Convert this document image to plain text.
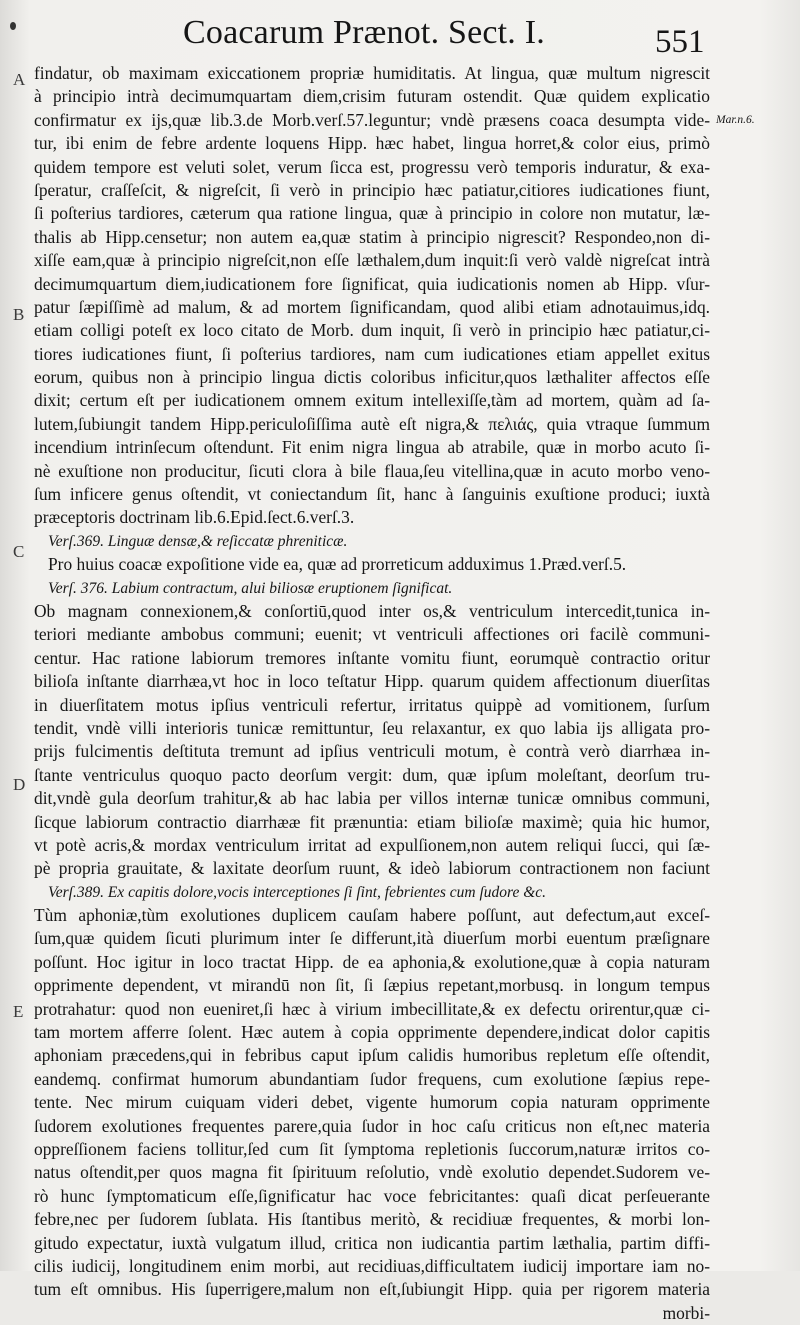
Coacarum Prænot. Sect. I.	551
A
B
C
D
E
Mar.n.6.
findatur, ob maximam exiccationem propriæ humiditatis. At lingua, quæ multum nigrescit
à principio intrà decimumquartam diem,crisim futuram ostendit. Quæ quidem explicatio
confirmatur ex ijs,quæ lib.3.de Morb.verſ.57.leguntur; vndè præsens coaca desumpta vide-
tur, ibi enim de febre ardente loquens Hipp. hæc habet, lingua horret,& color eius, primò
quidem tempore est veluti solet, verum ſicca est, progressu verò temporis induratur, & exa-
ſperatur, craſſeſcit, & nigreſcit, ſi verò in principio hæc patiatur,citiores iudicationes fiunt,
ſi poſterius tardiores, cæterum qua ratione lingua, quæ à principio in colore non mutatur, læ-
thalis ab Hipp.censetur; non autem ea,quæ statim à principio nigrescit? Respondeo,non di-
xiſſe eam,quæ à principio nigreſcit,non eſſe læthalem,dum inquit:ſi verò valdè nigreſcat intrà
decimumquartum diem,iudicationem fore ſignificat, quia iudicationis nomen ab Hipp. vſur-
patur ſæpiſſimè ad malum, & ad mortem ſignificandam, quod alibi etiam adnotauimus,idq.
etiam colligi poteſt ex loco citato de Morb. dum inquit, ſi verò in principio hæc patiatur,ci-
tiores iudicationes fiunt, ſi poſterius tardiores, nam cum iudicationes etiam appellet exitus
eorum, quibus non à principio lingua dictis coloribus inficitur,quos læthaliter affectos eſſe
dixit; certum eſt per iudicationem omnem exitum intellexiſſe,tàm ad mortem, quàm ad ſa-
lutem,ſubiungit tandem Hipp.periculoſiſſima autè eſt nigra,& πελιάς, quia vtraque ſummum
incendium intrinſecum oſtendunt. Fit enim nigra lingua ab atrabile, quæ in morbo acuto ſi-
nè exuſtione non producitur, ſicuti clora à bile flaua,ſeu vitellina,quæ in acuto morbo veno-
ſum inficere genus oſtendit, vt coniectandum ſit, hanc à ſanguinis exuſtione produci; iuxtà
præceptoris doctrinam lib.6.Epid.ſect.6.verſ.3.
Verſ.369. Linguæ densæ,& reſiccatæ phreniticæ.
Pro huius coacæ expoſitione vide ea, quæ ad prorreticum adduximus 1.Præd.verſ.5.
Verſ. 376. Labium contractum, alui biliosæ eruptionem ſignificat.
Ob magnam connexionem,& conſortiū,quod inter os,& ventriculum intercedit,tunica in-
teriori mediante ambobus communi; euenit; vt ventriculi affectiones ori facilè communi-
centur. Hac ratione labiorum tremores inſtante vomitu fiunt, eorumquè contractio oritur
bilioſa inſtante diarrhæa,vt hoc in loco teſtatur Hipp. quarum quidem affectionum diuerſitas
in diuerſitatem motus ipſius ventriculi refertur, irritatus quippè ad vomitionem, ſurſum
tendit, vndè villi interioris tunicæ remittuntur, ſeu relaxantur, ex quo labia ijs alligata pro-
prijs fulcimentis deſtituta tremunt ad ipſius ventriculi motum, è contrà verò diarrhæa in-
ſtante ventriculus quoquo pacto deorſum vergit: dum, quæ ipſum moleſtant, deorſum tru-
dit,vndè gula deorſum trahitur,& ab hac labia per villos internæ tunicæ omnibus communi,
ſicque labiorum contractio diarrhææ fit prænuntia: etiam bilioſæ maximè; quia hic humor,
vt potè acris,& mordax ventriculum irritat ad expulſionem,non autem reliqui ſucci, qui ſæ-
pè propria grauitate, & laxitate deorſum ruunt, & ideò labiorum contractionem non faciunt
Verſ.389. Ex capitis dolore,vocis interceptiones ſi ſint, febrientes cum ſudore &c.
Tùm aphoniæ,tùm exolutiones duplicem cauſam habere poſſunt, aut defectum,aut exceſ-
ſum,quæ quidem ſicuti plurimum inter ſe differunt,ità diuerſum morbi euentum præſignare
poſſunt. Hoc igitur in loco tractat Hipp. de ea aphonia,& exolutione,quæ à copia naturam
opprimente dependent, vt mirandū non ſit, ſi ſæpius repetant,morbusq. in longum tempus
protrahatur: quod non eueniret,ſi hæc à virium imbecillitate,& ex defectu orirentur,quæ ci-
tam mortem afferre ſolent. Hæc autem à copia opprimente dependere,indicat dolor capitis
aphoniam præcedens,qui in febribus caput ipſum calidis humoribus repletum eſſe oſtendit,
eandemq. confirmat humorum abundantiam ſudor frequens, cum exolutione ſæpius repe-
tente. Nec mirum cuiquam videri debet, vigente humorum copia naturam opprimente
ſudorem exolutiones frequentes parere,quia ſudor in hoc caſu criticus non eſt,nec materia
oppreſſionem faciens tollitur,ſed cum ſit ſymptoma repletionis ſuccorum,naturæ irritos co-
natus oſtendit,per quos magna fit ſpirituum reſolutio, vndè exolutio dependet.Sudorem ve-
rò hunc ſymptomaticum eſſe,ſignificatur hac voce febricitantes: quaſi dicat perſeuerante
febre,nec per ſudorem ſublata. His ſtantibus meritò, & recidiuæ frequentes, & morbi lon-
gitudo expectatur, iuxtà vulgatum illud, critica non iudicantia partim læthalia, partim diffi-
cilis iudicij, longitudinem enim morbi, aut recidiuas,difficultatem iudicij importare iam no-
tum eſt omnibus. His ſuperrigere,malum non eſt,ſubiungit Hipp. quia per rigorem materia
morbi-
